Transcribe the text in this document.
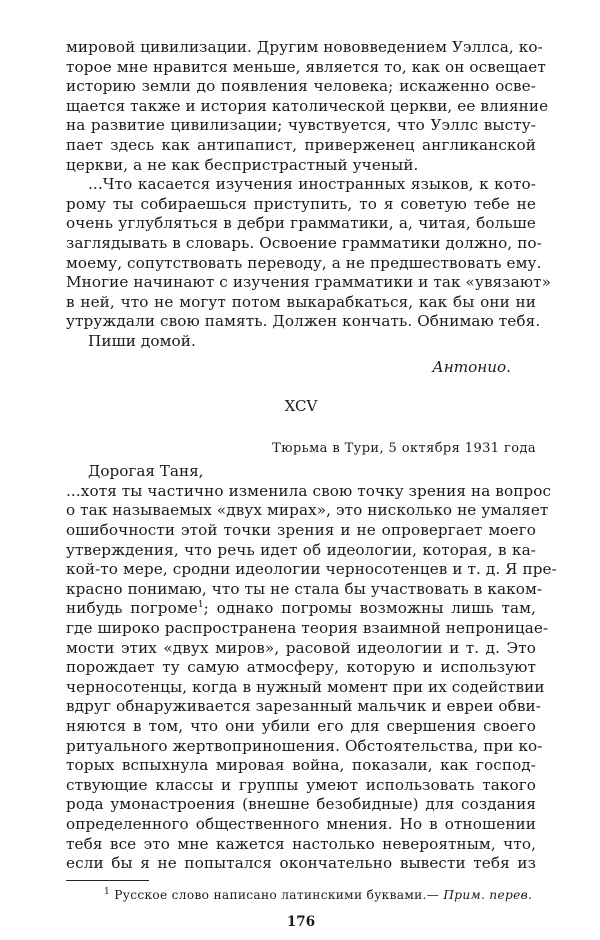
мировой цивилизации. Другим нововведением Уэллса, ко-
торое мне нравится меньше, является то, как он освещает
историю земли до появления человека; искаженно осве-
щается также и история католической церкви, ее влияние
на развитие цивилизации; чувствуется, что Уэллс высту-
пает здесь как антипапист, приверженец англиканской
церкви, а не как беспристрастный ученый.
...Что касается изучения иностранных языков, к кото-
рому ты собираешься приступить, то я советую тебе не
очень углубляться в дебри грамматики, а, читая, больше
заглядывать в словарь. Освоение грамматики должно, по-
моему, сопутствовать переводу, а не предшествовать ему.
Многие начинают с изучения грамматики и так «увязают»
в ней, что не могут потом выкарабкаться, как бы они ни
утруждали свою память. Должен кончать. Обнимаю тебя.
Пиши домой.
Антонио.
XCV
Тюрьма в Тури, 5 октября 1931 года
Дорогая Таня,
...хотя ты частично изменила свою точку зрения на вопрос
о так называемых «двух мирах», это нисколько не умаляет
ошибочности этой точки зрения и не опровергает моего
утверждения, что речь идет об идеологии, которая, в ка-
кой-то мере, сродни идеологии черносотенцев и т. д. Я пре-
красно понимаю, что ты не стала бы участвовать в каком-
нибудь погроме$^1$; однако погромы возможны лишь там,
где широко распространена теория взаимной непроницае-
мости этих «двух миров», расовой идеологии и т. д. Это
порождает ту самую атмосферу, которую и используют
черносотенцы, когда в нужный момент при их содействии
вдруг обнаруживается зарезанный мальчик и евреи обви-
няются в том, что они убили его для свершения своего
ритуального жертвоприношения. Обстоятельства, при ко-
торых вспыхнула мировая война, показали, как господ-
ствующие классы и группы умеют использовать такого
рода умонастроения (внешне безобидные) для создания
определенного общественного мнения. Но в отношении
тебя все это мне кажется настолько невероятным, что,
если бы я не попытался окончательно вывести тебя из
$^1$ Русское слово написано латинскими буквами.— Прим. перев.
176
